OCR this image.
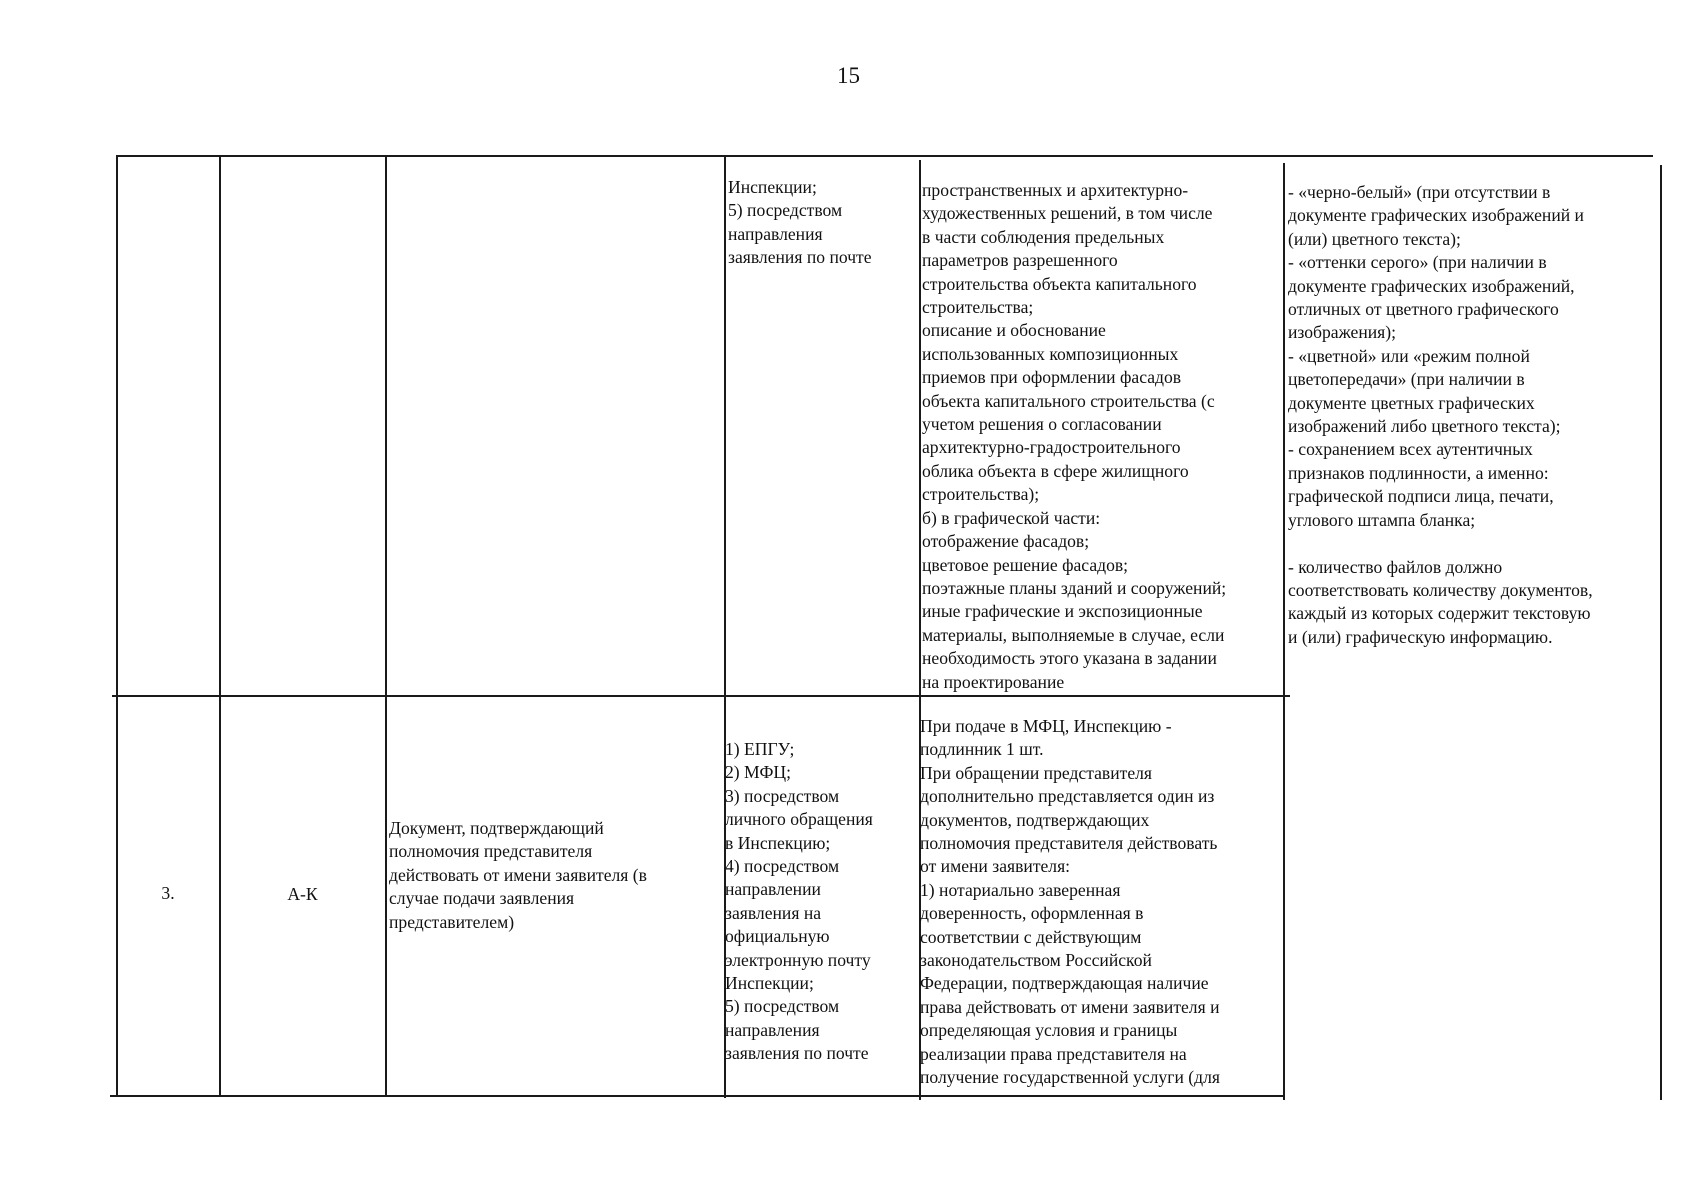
15
Инспекции;
5) посредством
направления
заявления по почте
пространственных и архитектурно-
художественных решений, в том числе
в части соблюдения предельных
параметров разрешенного
строительства объекта капитального
строительства;
описание и обоснование
использованных композиционных
приемов при оформлении фасадов
объекта капитального строительства (с
учетом решения о согласовании
архитектурно-градостроительного
облика объекта в сфере жилищного
строительства);
б) в графической части:
отображение фасадов;
цветовое решение фасадов;
поэтажные планы зданий и сооружений;
иные графические и экспозиционные
материалы, выполняемые в случае, если
необходимость этого указана в задании
на проектирование
- «черно-белый» (при отсутствии в
документе графических изображений и
(или) цветного текста);
- «оттенки серого» (при наличии в
документе графических изображений,
отличных от цветного графического
изображения);
- «цветной» или «режим полной
цветопередачи» (при наличии в
документе цветных графических
изображений либо цветного текста);
- сохранением всех аутентичных
признаков подлинности, а именно:
графической подписи лица, печати,
углового штампа бланка;

- количество файлов должно
соответствовать количеству документов,
каждый из которых содержит текстовую
и (или) графическую информацию.
3.	А-К
Документ, подтверждающий
полномочия представителя
действовать от имени заявителя (в
случае подачи заявления
представителем)
1) ЕПГУ;
2) МФЦ;
3) посредством
личного обращения
в Инспекцию;
4) посредством
направлении
заявления на
официальную
электронную почту
Инспекции;
5) посредством
направления
заявления по почте
При подаче в МФЦ, Инспекцию -
подлинник 1 шт.
При обращении представителя
дополнительно представляется один из
документов, подтверждающих
полномочия представителя действовать
от имени заявителя:
1) нотариально заверенная
доверенность, оформленная в
соответствии с действующим
законодательством Российской
Федерации, подтверждающая наличие
права действовать от имени заявителя и
определяющая условия и границы
реализации права представителя на
получение государственной услуги (для
